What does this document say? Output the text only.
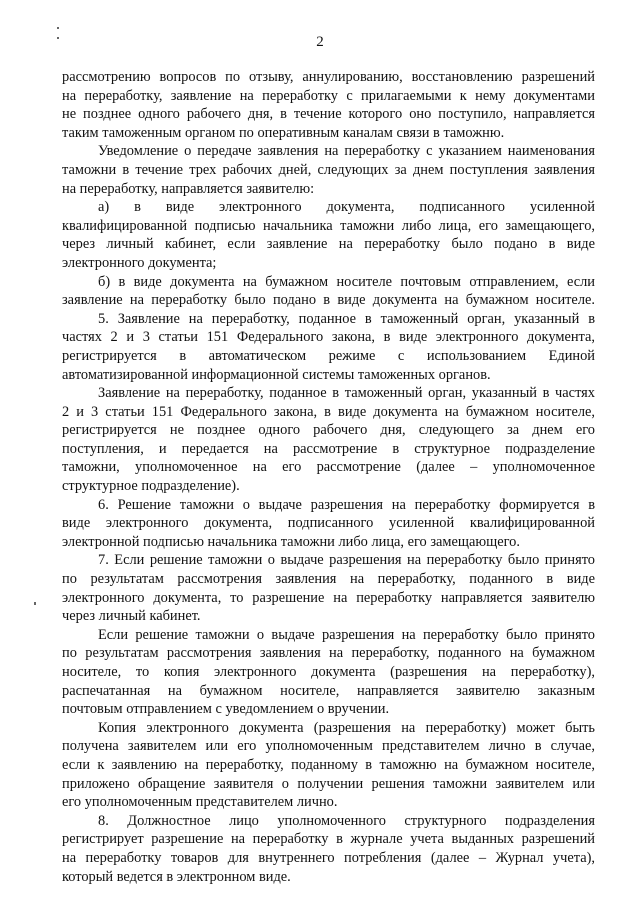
2
рассмотрению вопросов по отзыву, аннулированию, восстановлению разрешений
на переработку, заявление на переработку с прилагаемыми к нему документами
не позднее одного рабочего дня, в течение которого оно поступило, направляется
таким таможенным органом по оперативным каналам связи в таможню.
Уведомление о передаче заявления на переработку с указанием наименования
таможни в течение трех рабочих дней, следующих за днем поступления заявления
на переработку, направляется заявителю:
а) в виде электронного документа, подписанного усиленной
квалифицированной подписью начальника таможни либо лица, его замещающего,
через личный кабинет, если заявление на переработку было подано в виде
электронного документа;
б) в виде документа на бумажном носителе почтовым отправлением, если
заявление на переработку было подано в виде документа на бумажном носителе.
5. Заявление на переработку, поданное в таможенный орган, указанный в
частях 2 и 3 статьи 151 Федерального закона, в виде электронного документа,
регистрируется в автоматическом режиме с использованием Единой
автоматизированной информационной системы таможенных органов.
Заявление на переработку, поданное в таможенный орган, указанный в частях
2 и 3 статьи 151 Федерального закона, в виде документа на бумажном носителе,
регистрируется не позднее одного рабочего дня, следующего за днем его
поступления, и передается на рассмотрение в структурное подразделение
таможни, уполномоченное на его рассмотрение (далее – уполномоченное
структурное подразделение).
6. Решение таможни о выдаче разрешения на переработку формируется в
виде электронного документа, подписанного усиленной квалифицированной
электронной подписью начальника таможни либо лица, его замещающего.
7. Если решение таможни о выдаче разрешения на переработку было принято
по результатам рассмотрения заявления на переработку, поданного в виде
электронного документа, то разрешение на переработку направляется заявителю
через личный кабинет.
Если решение таможни о выдаче разрешения на переработку было принято
по результатам рассмотрения заявления на переработку, поданного на бумажном
носителе, то копия электронного документа (разрешения на переработку),
распечатанная на бумажном носителе, направляется заявителю заказным
почтовым отправлением с уведомлением о вручении.
Копия электронного документа (разрешения на переработку) может быть
получена заявителем или его уполномоченным представителем лично в случае,
если к заявлению на переработку, поданному в таможню на бумажном носителе,
приложено обращение заявителя о получении решения таможни заявителем или
его уполномоченным представителем лично.
8. Должностное лицо уполномоченного структурного подразделения
регистрирует разрешение на переработку в журнале учета выданных разрешений
на переработку товаров для внутреннего потребления (далее – Журнал учета),
который ведется в электронном виде.
